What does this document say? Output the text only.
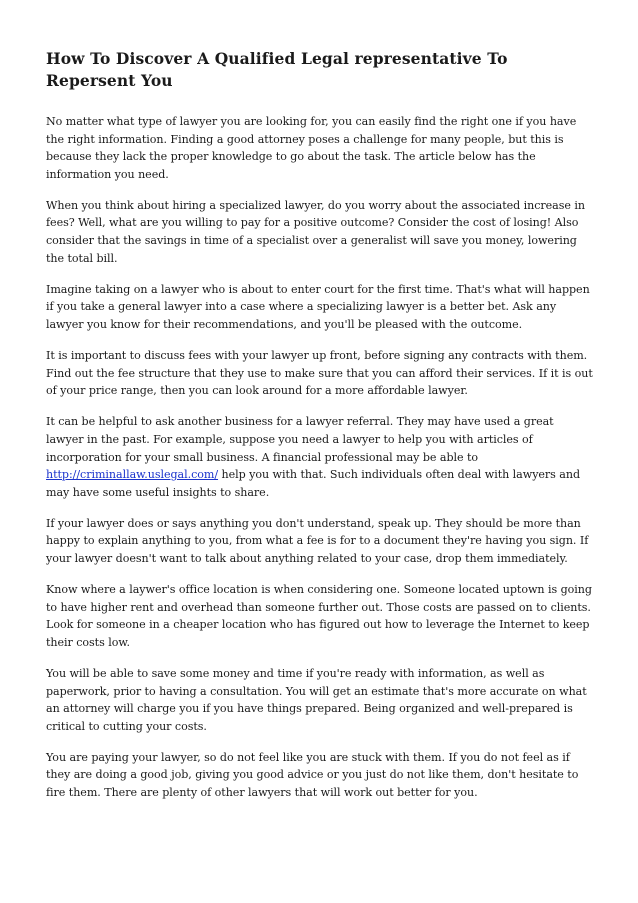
How To Discover A Qualified Legal representative To Repersent You

No matter what type of lawyer you are looking for, you can easily find the right one if you have the right information. Finding a good attorney poses a challenge for many people, but this is because they lack the proper knowledge to go about the task. The article below has the information you need.

When you think about hiring a specialized lawyer, do you worry about the associated increase in fees? Well, what are you willing to pay for a positive outcome? Consider the cost of losing! Also consider that the savings in time of a specialist over a generalist will save you money, lowering the total bill.

Imagine taking on a lawyer who is about to enter court for the first time. That's what will happen if you take a general lawyer into a case where a specializing lawyer is a better bet. Ask any lawyer you know for their recommendations, and you'll be pleased with the outcome.

It is important to discuss fees with your lawyer up front, before signing any contracts with them. Find out the fee structure that they use to make sure that you can afford their services. If it is out of your price range, then you can look around for a more affordable lawyer.

It can be helpful to ask another business for a lawyer referral. They may have used a great lawyer in the past. For example, suppose you need a lawyer to help you with articles of incorporation for your small business. A financial professional may be able to http://criminallaw.uslegal.com/ help you with that. Such individuals often deal with lawyers and may have some useful insights to share.

If your lawyer does or says anything you don't understand, speak up. They should be more than happy to explain anything to you, from what a fee is for to a document they're having you sign. If your lawyer doesn't want to talk about anything related to your case, drop them immediately.

Know where a laywer's office location is when considering one. Someone located uptown is going to have higher rent and overhead than someone further out. Those costs are passed on to clients. Look for someone in a cheaper location who has figured out how to leverage the Internet to keep their costs low.

You will be able to save some money and time if you're ready with information, as well as paperwork, prior to having a consultation. You will get an estimate that's more accurate on what an attorney will charge you if you have things prepared. Being organized and well-prepared is critical to cutting your costs.

You are paying your lawyer, so do not feel like you are stuck with them. If you do not feel as if they are doing a good job, giving you good advice or you just do not like them, don't hesitate to fire them. There are plenty of other lawyers that will work out better for you.
